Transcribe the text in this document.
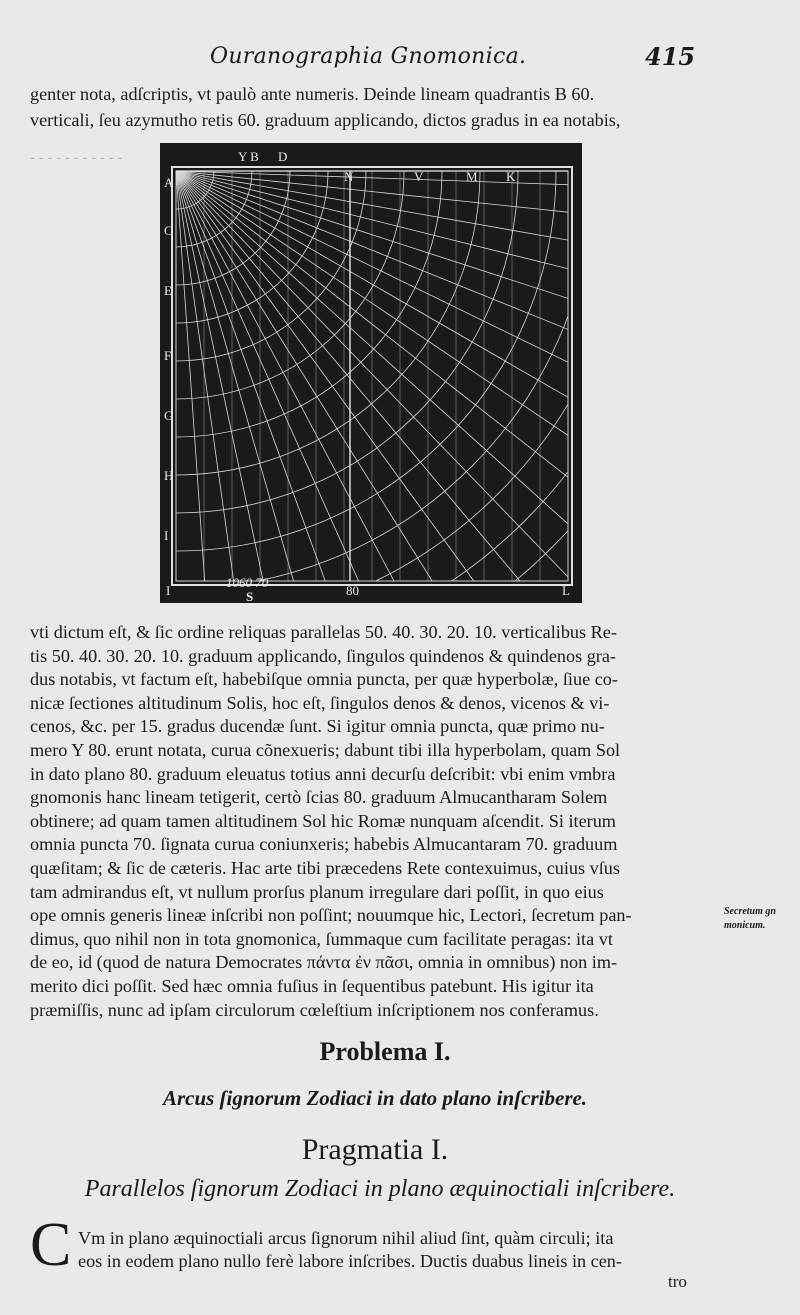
- - - - - - - - - - -
Ouranographia Gnomonica.	415
genter nota, adſcriptis, vt paulò ante numeris. Deinde lineam quadrantis B 60.
verticali, ſeu azymutho retis 60. graduum applicando, dictos gradus in ea notabis,
Y B D
N	V	M K
A
C
E
F
G
H
I
I
1060 70
S	80	L
vti dictum eſt, & ſic ordine reliquas parallelas 50. 40. 30. 20. 10. verticalibus Re-
tis 50. 40. 30. 20. 10. graduum applicando, ſingulos quindenos & quindenos gra-
dus notabis, vt factum eſt, habebiſque omnia puncta, per quæ hyperbolæ, ſiue co-
nicæ ſectiones altitudinum Solis, hoc eſt, ſingulos denos & denos, vicenos & vi-
cenos, &c. per 15. gradus ducendæ ſunt. Si igitur omnia puncta, quæ primo nu-
mero Y 80. erunt notata, curua cõnexueris; dabunt tibi illa hyperbolam, quam Sol
in dato plano 80. graduum eleuatus totius anni decurſu deſcribit: vbi enim vmbra
gnomonis hanc lineam tetigerit, certò ſcias 80. graduum Almucantharam Solem
obtinere; ad quam tamen altitudinem Sol hic Romæ nunquam aſcendit. Si iterum
omnia puncta 70. ſignata curua coniunxeris; habebis Almucantaram 70. graduum
quæſitam; & ſic de cæteris. Hac arte tibi præcedens Rete contexuimus, cuius vſus
tam admirandus eſt, vt nullum prorſus planum irregulare dari poſſit, in quo eius
ope omnis generis lineæ inſcribi non poſſint; nouumque hic, Lectori, ſecretum pan-
dimus, quo nihil non in tota gnomonica, ſummaque cum facilitate peragas: ita vt
de eo, id (quod de natura Democrates πάντα ἐν πᾶσι, omnia in omnibus) non im-
merito dici poſſit. Sed hæc omnia fuſius in ſequentibus patebunt. His igitur ita
præmiſſis, nunc ad ipſam circulorum cœleſtium inſcriptionem nos conferamus.
Secretum gn
monicum.
Problema I.
Arcus ſignorum Zodiaci in dato plano inſcribere.
Pragmatia I.
Parallelos ſignorum Zodiaci in plano æquinoctiali inſcribere.
C Vm in plano æquinoctiali arcus ſignorum nihil aliud ſint, quàm circuli; ita
eos in eodem plano nullo ferè labore inſcribes. Ductis duabus lineis in cen-
tro
